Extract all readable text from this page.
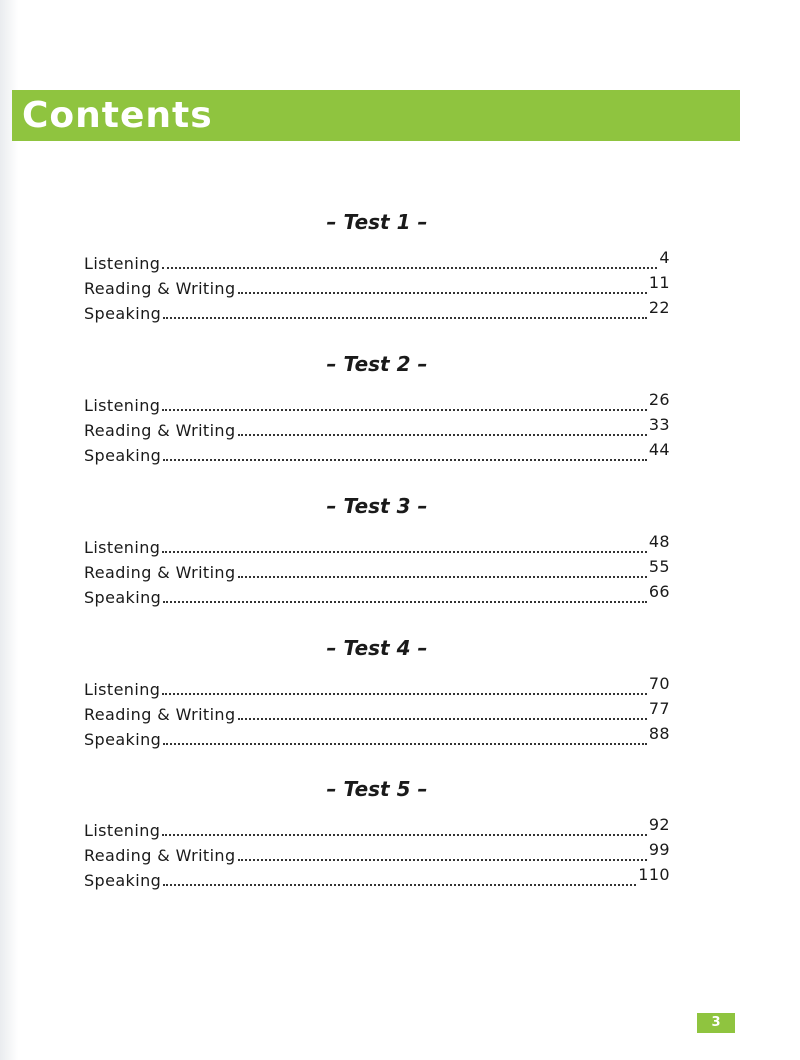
Contents
– Test 1 –
Listening	4
Reading & Writing	11
Speaking	22
– Test 2 –
Listening	26
Reading & Writing	33
Speaking	44
– Test 3 –
Listening	48
Reading & Writing	55
Speaking	66
– Test 4 –
Listening	70
Reading & Writing	77
Speaking	88
– Test 5 –
Listening	92
Reading & Writing	99
Speaking	110
3
